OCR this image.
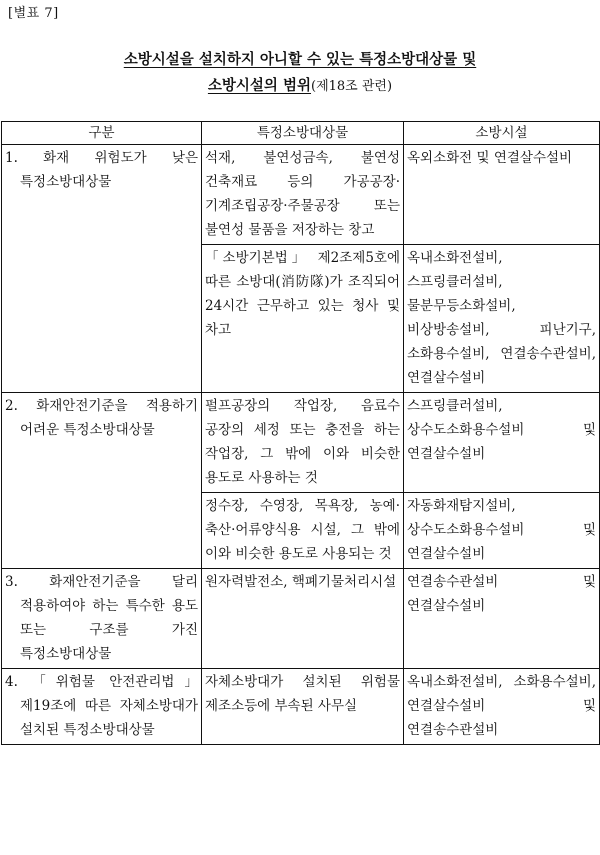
[별표 7]
소방시설을 설치하지 아니할 수 있는 특정소방대상물 및
소방시설의 범위(제18조 관련)
구분	특정소방대상물	소방시설
1. 화재 위험도가 낮은 특정소방대상물	석재, 불연성금속, 불연성 건축재료 등의 가공공장·기계조립공장·주물공장 또는 불연성 물품을 저장하는 창고	옥외소화전 및 연결살수설비
	「소방기본법」 제2조제5호에 따른 소방대(消防隊)가 조직되어 24시간 근무하고 있는 청사 및 차고	옥내소화전설비, 스프링클러설비, 물분무등소화설비, 비상방송설비, 피난기구, 소화용수설비, 연결송수관설비, 연결살수설비
2. 화재안전기준을 적용하기 어려운 특정소방대상물	펄프공장의 작업장, 음료수 공장의 세정 또는 충전을 하는 작업장, 그 밖에 이와 비슷한 용도로 사용하는 것	스프링클러설비, 상수도소화용수설비 및 연결살수설비
	정수장, 수영장, 목욕장, 농예·축산·어류양식용 시설, 그 밖에 이와 비슷한 용도로 사용되는 것	자동화재탐지설비, 상수도소화용수설비 및 연결살수설비
3. 화재안전기준을 달리 적용하여야 하는 특수한 용도 또는 구조를 가진 특정소방대상물	원자력발전소, 핵폐기물처리시설	연결송수관설비 및 연결살수설비
4. 「위험물 안전관리법」 제19조에 따른 자체소방대가 설치된 특정소방대상물	자체소방대가 설치된 위험물 제조소등에 부속된 사무실	옥내소화전설비, 소화용수설비, 연결살수설비 및 연결송수관설비
